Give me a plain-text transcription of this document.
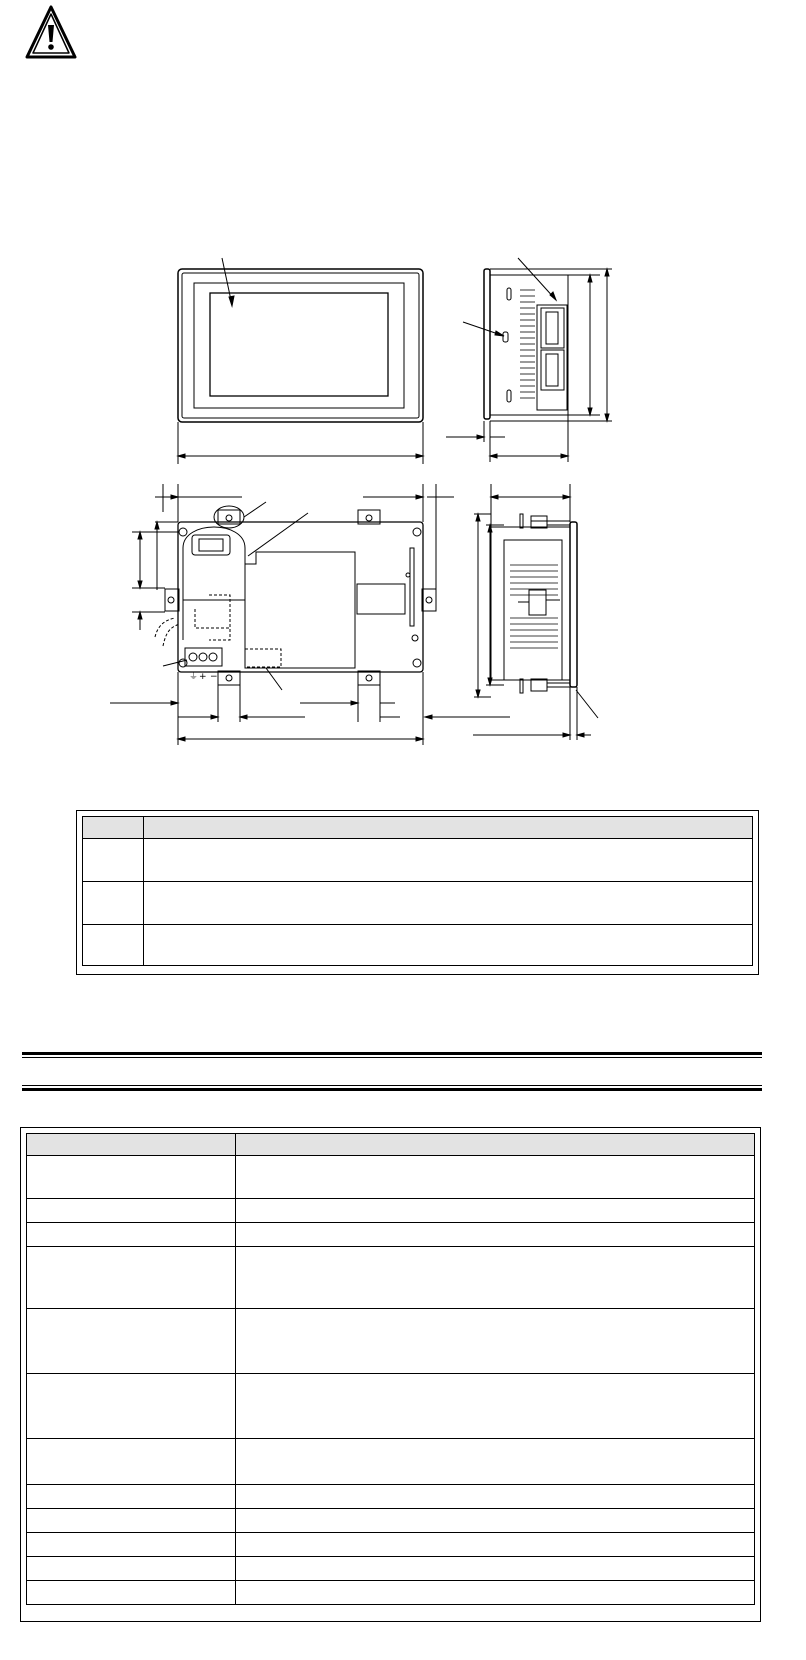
⏚ + −
